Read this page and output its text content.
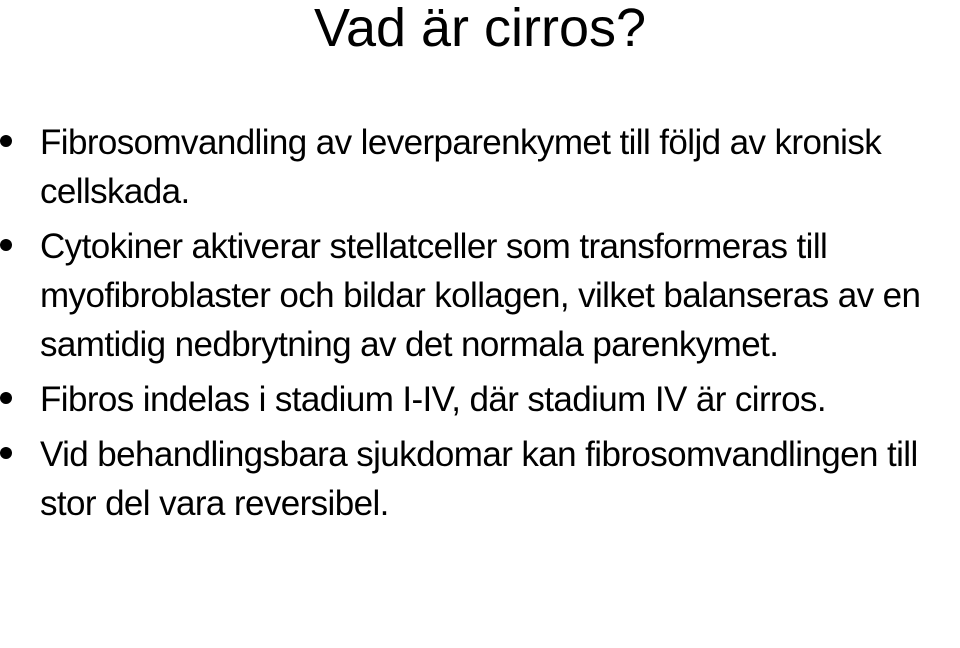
Vad är cirros?
Fibrosomvandling av leverparenkymet till följd av kronisk cellskada.
Cytokiner aktiverar stellatceller som transformeras till myofibroblaster och bildar kollagen, vilket balanseras av en samtidig nedbrytning av det normala parenkymet.
Fibros indelas i stadium I-IV, där stadium IV är cirros.
Vid behandlingsbara sjukdomar kan fibrosomvandlingen till stor del vara reversibel.
